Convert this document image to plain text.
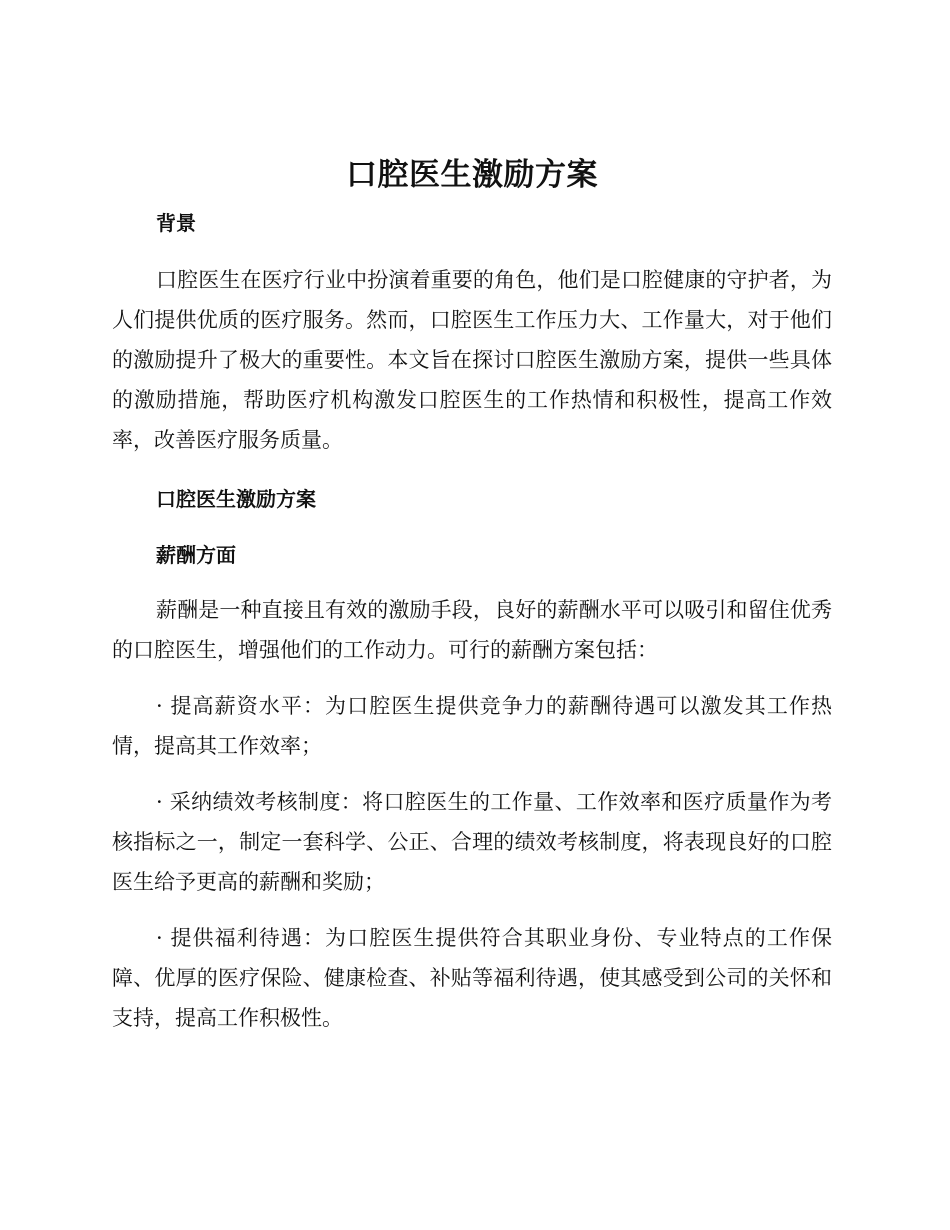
口腔医生激励方案

背景

口腔医生在医疗行业中扮演着重要的角色，他们是口腔健康的守护者，为人们提供优质的医疗服务。然而，口腔医生工作压力大、工作量大，对于他们的激励提升了极大的重要性。本文旨在探讨口腔医生激励方案，提供一些具体的激励措施，帮助医疗机构激发口腔医生的工作热情和积极性，提高工作效率，改善医疗服务质量。

口腔医生激励方案

薪酬方面

薪酬是一种直接且有效的激励手段，良好的薪酬水平可以吸引和留住优秀的口腔医生，增强他们的工作动力。可行的薪酬方案包括：

· 提高薪资水平：为口腔医生提供竞争力的薪酬待遇可以激发其工作热情，提高其工作效率；

· 采纳绩效考核制度：将口腔医生的工作量、工作效率和医疗质量作为考核指标之一，制定一套科学、公正、合理的绩效考核制度，将表现良好的口腔医生给予更高的薪酬和奖励；

· 提供福利待遇：为口腔医生提供符合其职业身份、专业特点的工作保障、优厚的医疗保险、健康检查、补贴等福利待遇，使其感受到公司的关怀和支持，提高工作积极性。
